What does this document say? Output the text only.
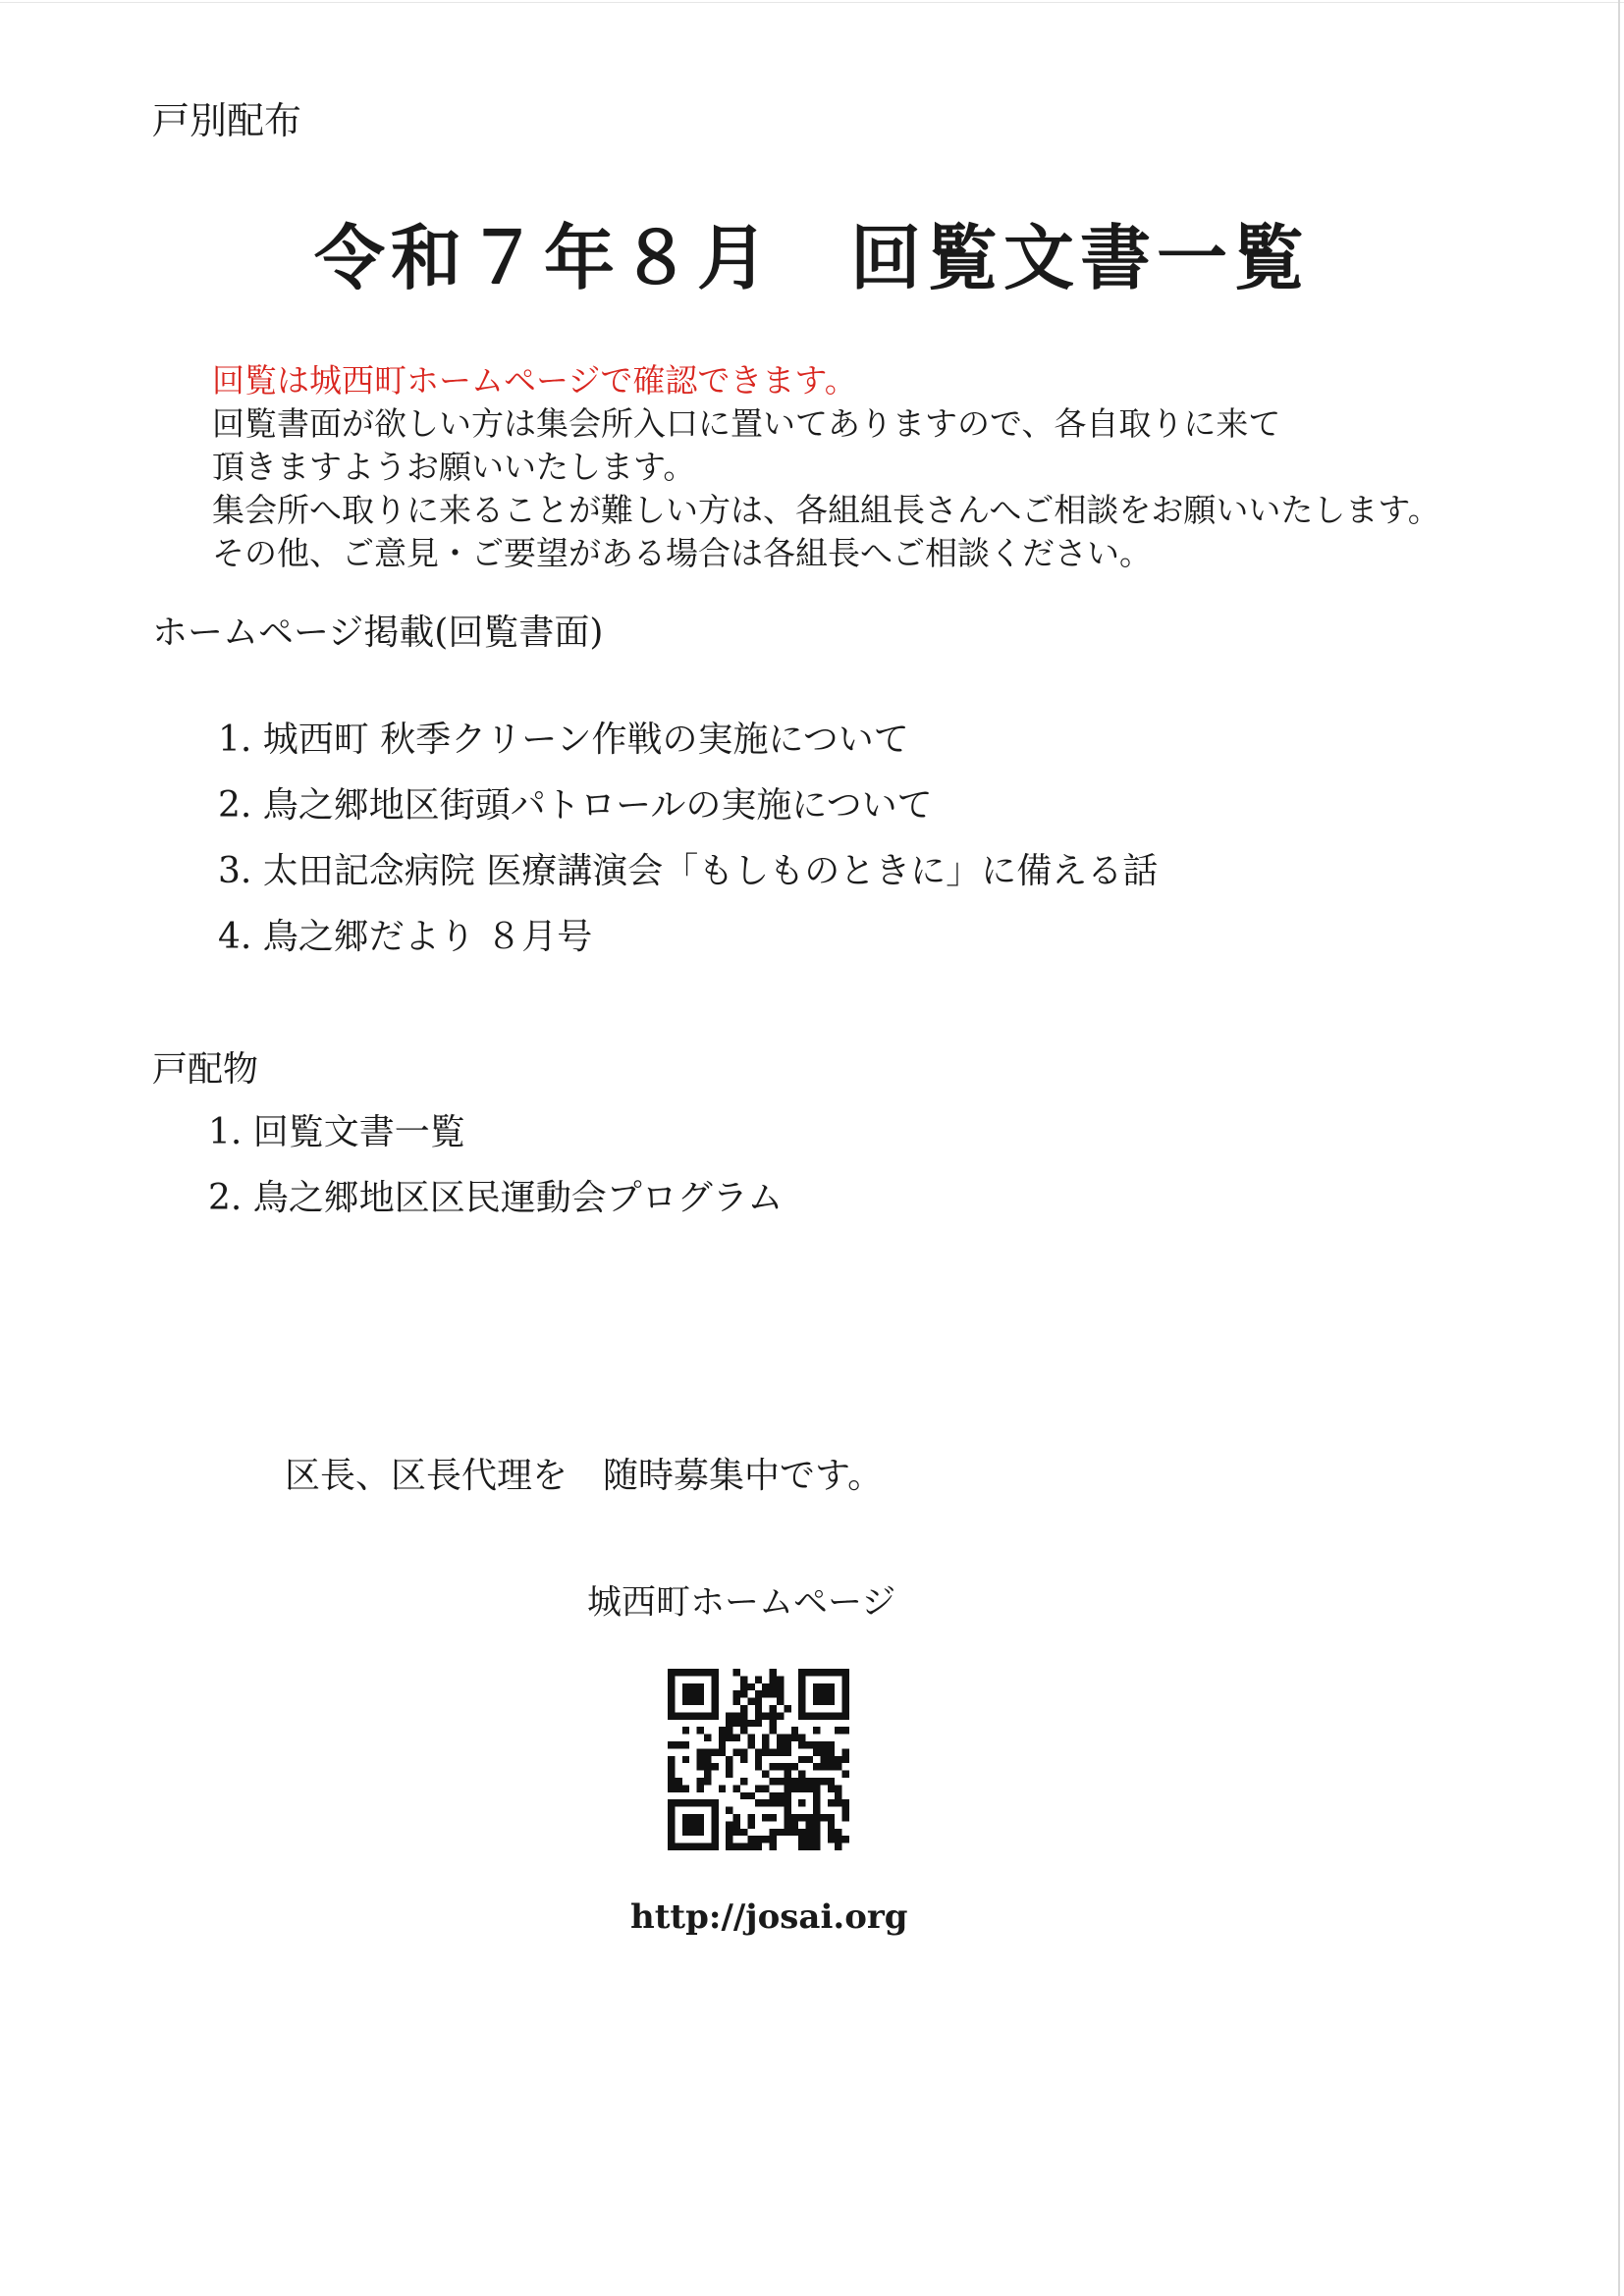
戸別配布
令和７年８月　回覧文書一覧
回覧は城西町ホームページで確認できます。
回覧書面が欲しい方は集会所入口に置いてありますので、各自取りに来て
頂きますようお願いいたします。
集会所へ取りに来ることが難しい方は、各組組長さんへご相談をお願いいたします。
その他、ご意見・ご要望がある場合は各組長へご相談ください。
ホームページ掲載(回覧書面)
1. 城西町 秋季クリーン作戦の実施について
2. 鳥之郷地区街頭パトロールの実施について
3. 太田記念病院 医療講演会「もしものときに」に備える話
4. 鳥之郷だより ８月号
戸配物
1. 回覧文書一覧
2. 鳥之郷地区区民運動会プログラム
区長、区長代理を　随時募集中です。
城西町ホームページ
http://josai.org
